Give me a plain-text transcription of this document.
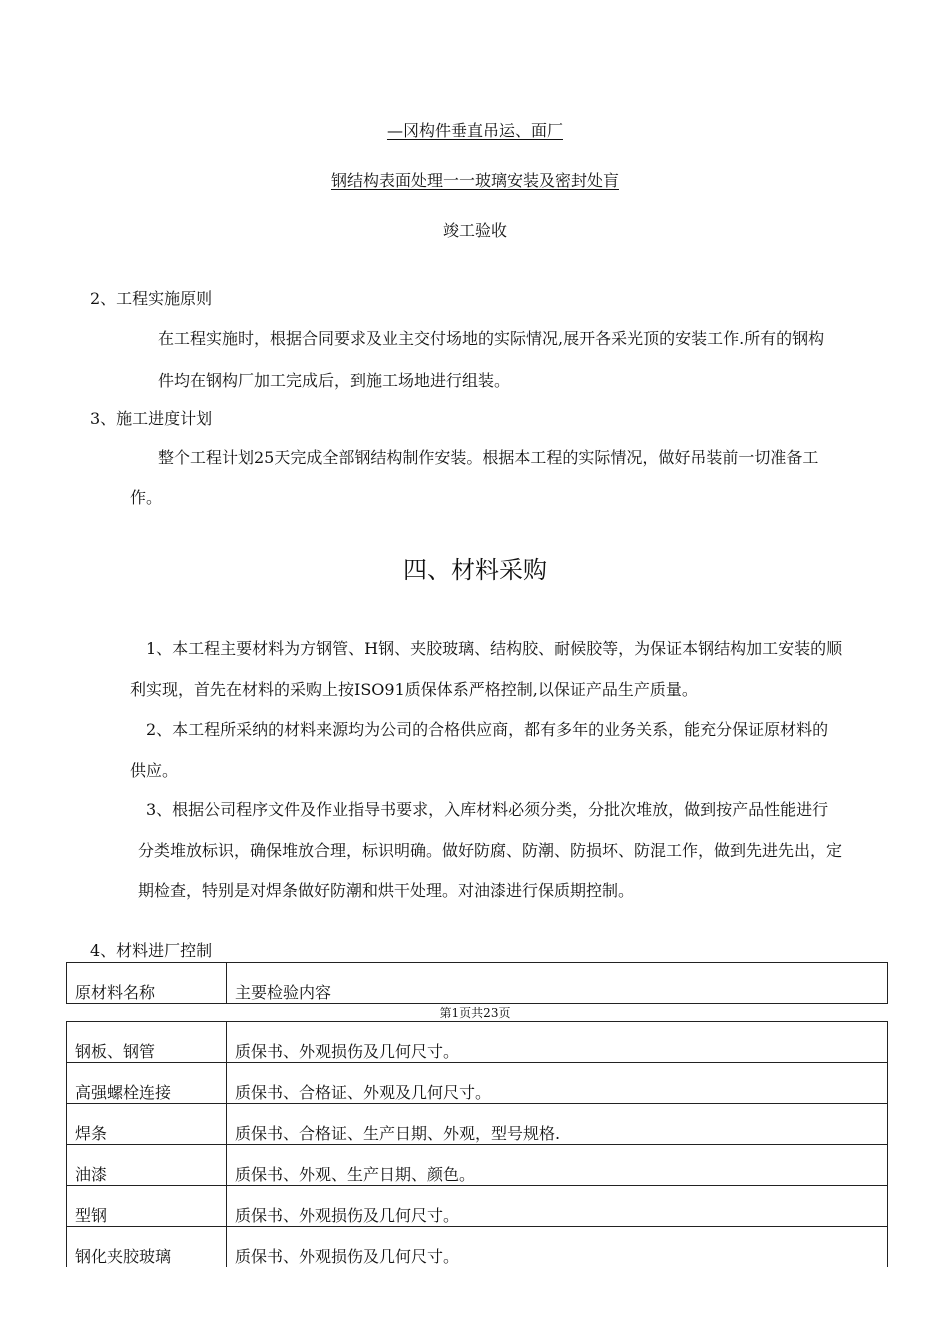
—冈构件垂直吊运、面厂
钢结构表面处理一一玻璃安装及密封处肓
竣工验收
2、工程实施原则
在工程实施时，根据合同要求及业主交付场地的实际情况,展开各采光顶的安装工作.所有的钢构
件均在钢构厂加工完成后，到施工场地进行组装。
3、施工进度计划
整个工程计划25天完成全部钢结构制作安装。根据本工程的实际情况，做好吊装前一切准备工
作。
四、材料采购
1、本工程主要材料为方钢管、H钢、夹胶玻璃、结构胶、耐候胶等，为保证本钢结构加工安装的顺
利实现，首先在材料的采购上按ISO91质保体系严格控制,以保证产品生产质量。
2、本工程所采纳的材料来源均为公司的合格供应商，都有多年的业务关系，能充分保证原材料的
供应。
3、根据公司程序文件及作业指导书要求，入库材料必须分类，分批次堆放，做到按产品性能进行
分类堆放标识，确保堆放合理，标识明确。做好防腐、防潮、防损坏、防混工作，做到先进先出，定
期检查，特别是对焊条做好防潮和烘干处理。对油漆进行保质期控制。
4、材料进厂控制
原材料名称	主要检验内容
第1页共23页
钢板、钢管	质保书、外观损伤及几何尺寸。
高强螺栓连接	质保书、合格证、外观及几何尺寸。
焊条	质保书、合格证、生产日期、外观，型号规格.
油漆	质保书、外观、生产日期、颜色。
型钢	质保书、外观损伤及几何尺寸。
钢化夹胶玻璃	质保书、外观损伤及几何尺寸。
